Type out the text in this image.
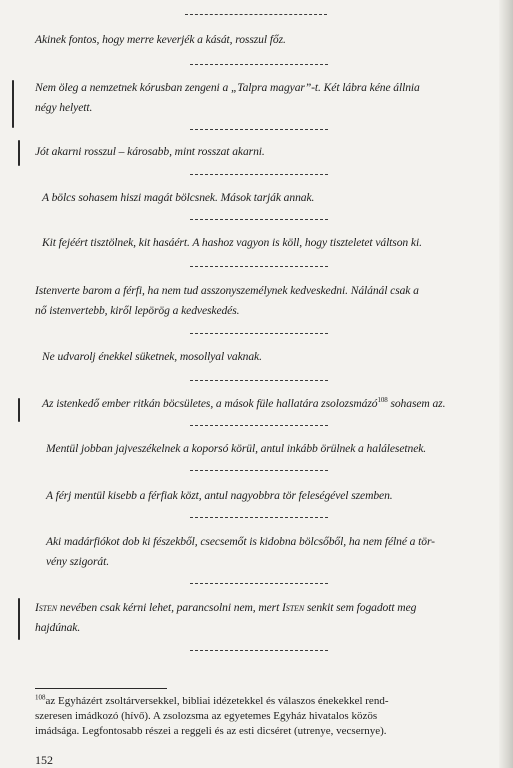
Akinek fontos, hogy merre keverjék a kását, rosszul főz.
Nem öleg a nemzetnek kórusban zengeni a „Talpra magyar”-t. Két lábra kéne állnia
négy helyett.
Jót akarni rosszul – károsabb, mint rosszat akarni.
A bölcs sohasem hiszi magát bölcsnek. Mások tarják annak.
Kit fejéért tisztölnek, kit hasáért. A hashoz vagyon is köll, hogy tiszteletet váltson ki.
Istenverte barom a férfi, ha nem tud asszonyszemélynek kedveskedni. Nálánál csak a
nő istenvertebb, kiről lepörög a kedveskedés.
Ne udvarolj énekkel süketnek, mosollyal vaknak.
Az istenkedő ember ritkán böcsületes, a mások füle hallatára zsolozsmázó$^{108}$ sohasem az.
Mentül jobban jajveszékelnek a koporsó körül, antul inkább örülnek a halálesetnek.
A férj mentül kisebb a férfiak közt, antul nagyobbra tör feleségével szemben.
Aki madárfiókot dob ki fészekből, csecsemőt is kidobna bölcsőből, ha nem félné a tör-
vény szigorát.
Isten nevében csak kérni lehet, parancsolni nem, mert Isten senkit sem fogadott meg
hajdúnak.
$^{108}$az Egyházért zsoltárversekkel, bibliai idézetekkel és válaszos énekekkel rend-
szeresen imádkozó (hívő). A zsolozsma az egyetemes Egyház hivatalos közös
imádsága. Legfontosabb részei a reggeli és az esti dicséret (utrenye, vecsernye).
152
